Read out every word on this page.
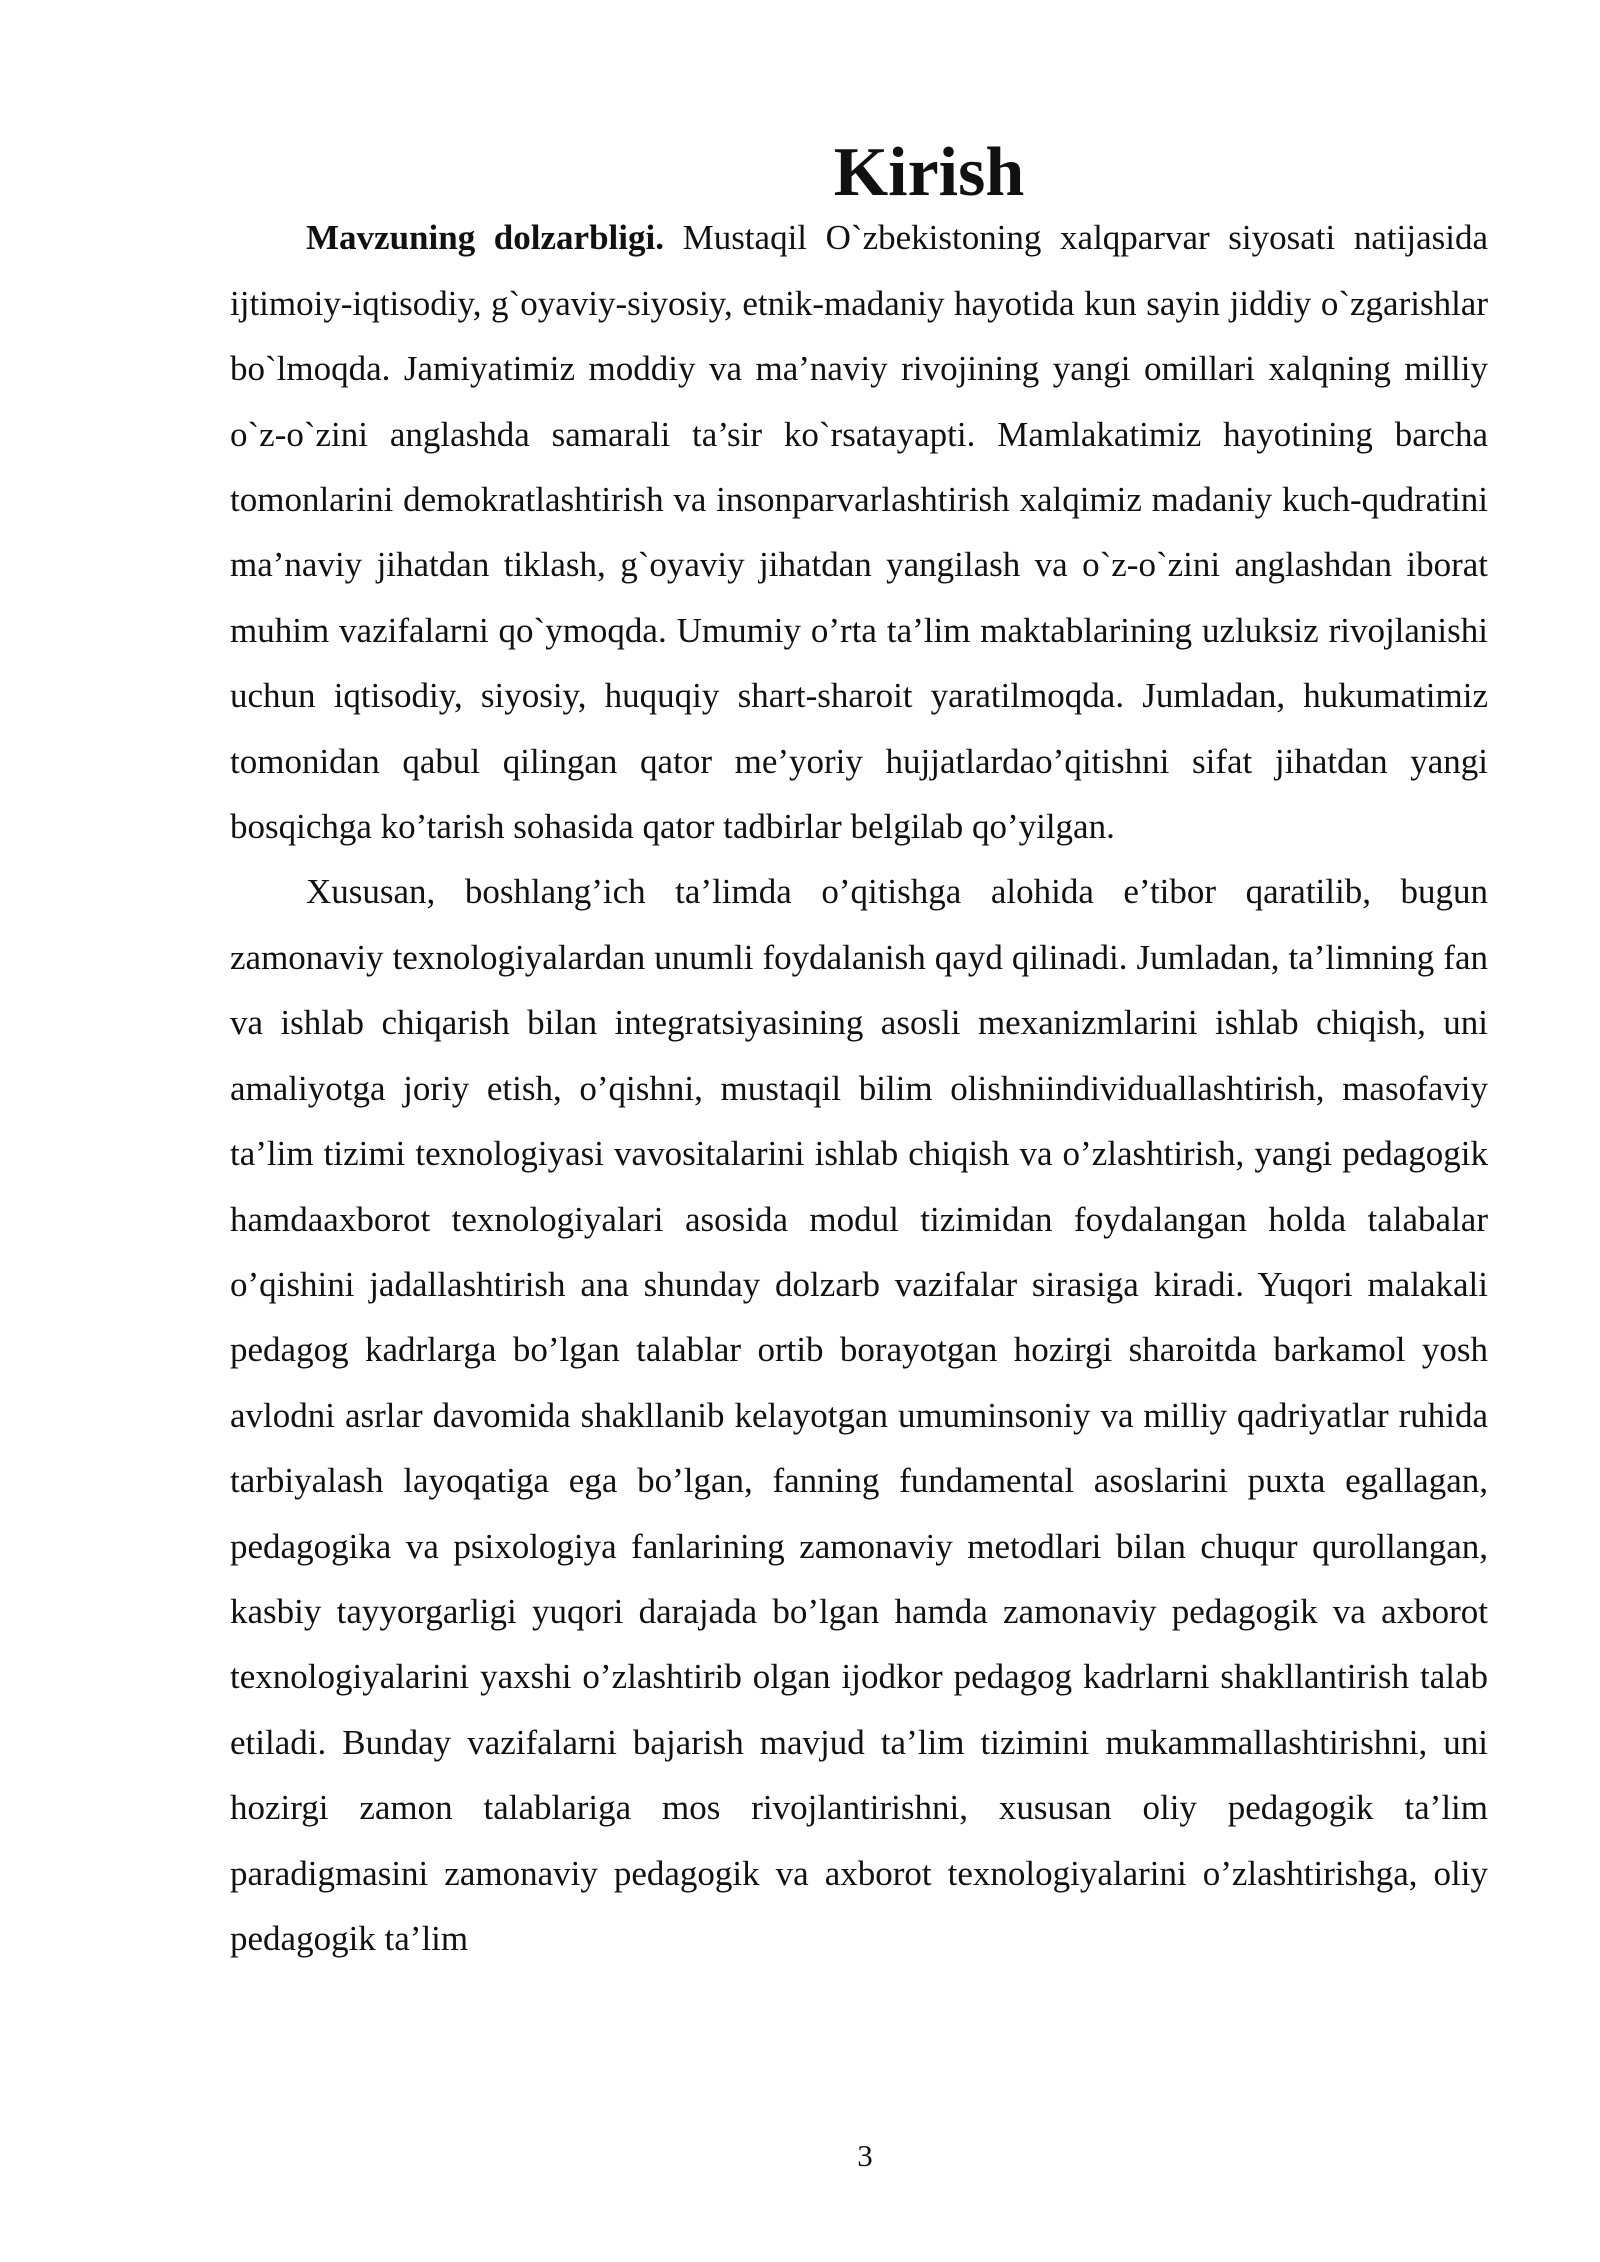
Kirish

Mavzuning dolzarbligi. Mustaqil O`zbekistoning xalqparvar siyosati natijasida ijtimoiy-iqtisodiy, g`oyaviy-siyosiy, etnik-madaniy hayotida kun sayin jiddiy o`zgarishlar bo`lmoqda. Jamiyatimiz moddiy va ma’naviy rivojining yangi omillari xalqning milliy o`z-o`zini anglashda samarali ta’sir ko`rsatayapti. Mamlakatimiz hayotining barcha tomonlarini demokratlashtirish va insonparvarlashtirish xalqimiz madaniy kuch-qudratini ma’naviy jihatdan tiklash, g`oyaviy jihatdan yangilash va o`z-o`zini anglashdan iborat muhim vazifalarni qo`ymoqda. Umumiy o’rta ta’lim maktablarining uzluksiz rivojlanishi uchun iqtisodiy, siyosiy, huquqiy shart-sharoit yaratilmoqda. Jumladan, hukumatimiz tomonidan qabul qilingan qator me’yoriy hujjatlardao’qitishni sifat jihatdan yangi bosqichga ko’tarish sohasida qator tadbirlar belgilab qo’yilgan.

Xususan, boshlang’ich ta’limda o’qitishga alohida e’tibor qaratilib, bugun zamonaviy texnologiyalardan unumli foydalanish qayd qilinadi. Jumladan, ta’limning fan va ishlab chiqarish bilan integratsiyasining asosli mexanizmlarini ishlab chiqish, uni amaliyotga joriy etish, o’qishni, mustaqil bilim olishniindividuallashtirish, masofaviy ta’lim tizimi texnologiyasi vavositalarini ishlab chiqish va o’zlashtirish, yangi pedagogik hamdaaxborot texnologiyalari asosida modul tizimidan foydalangan holda talabalar o’qishini jadallashtirish ana shunday dolzarb vazifalar sirasiga kiradi. Yuqori malakali pedagog kadrlarga bo’lgan talablar ortib borayotgan hozirgi sharoitda barkamol yosh avlodni asrlar davomida shakllanib kelayotgan umuminsoniy va milliy qadriyatlar ruhida tarbiyalash layoqatiga ega bo’lgan, fanning fundamental asoslarini puxta egallagan, pedagogika va psixologiya fanlarining zamonaviy metodlari bilan chuqur qurollangan, kasbiy tayyorgarligi yuqori darajada bo’lgan hamda zamonaviy pedagogik va axborot texnologiyalarini yaxshi o’zlashtirib olgan ijodkor pedagog kadrlarni shakllantirish talab etiladi. Bunday vazifalarni bajarish mavjud ta’lim tizimini mukammallashtirishni, uni hozirgi zamon talablariga mos rivojlantirishni, xususan oliy pedagogik ta’lim paradigmasini zamonaviy pedagogik va axborot texnologiyalarini o’zlashtirishga, oliy pedagogik ta’lim

3
